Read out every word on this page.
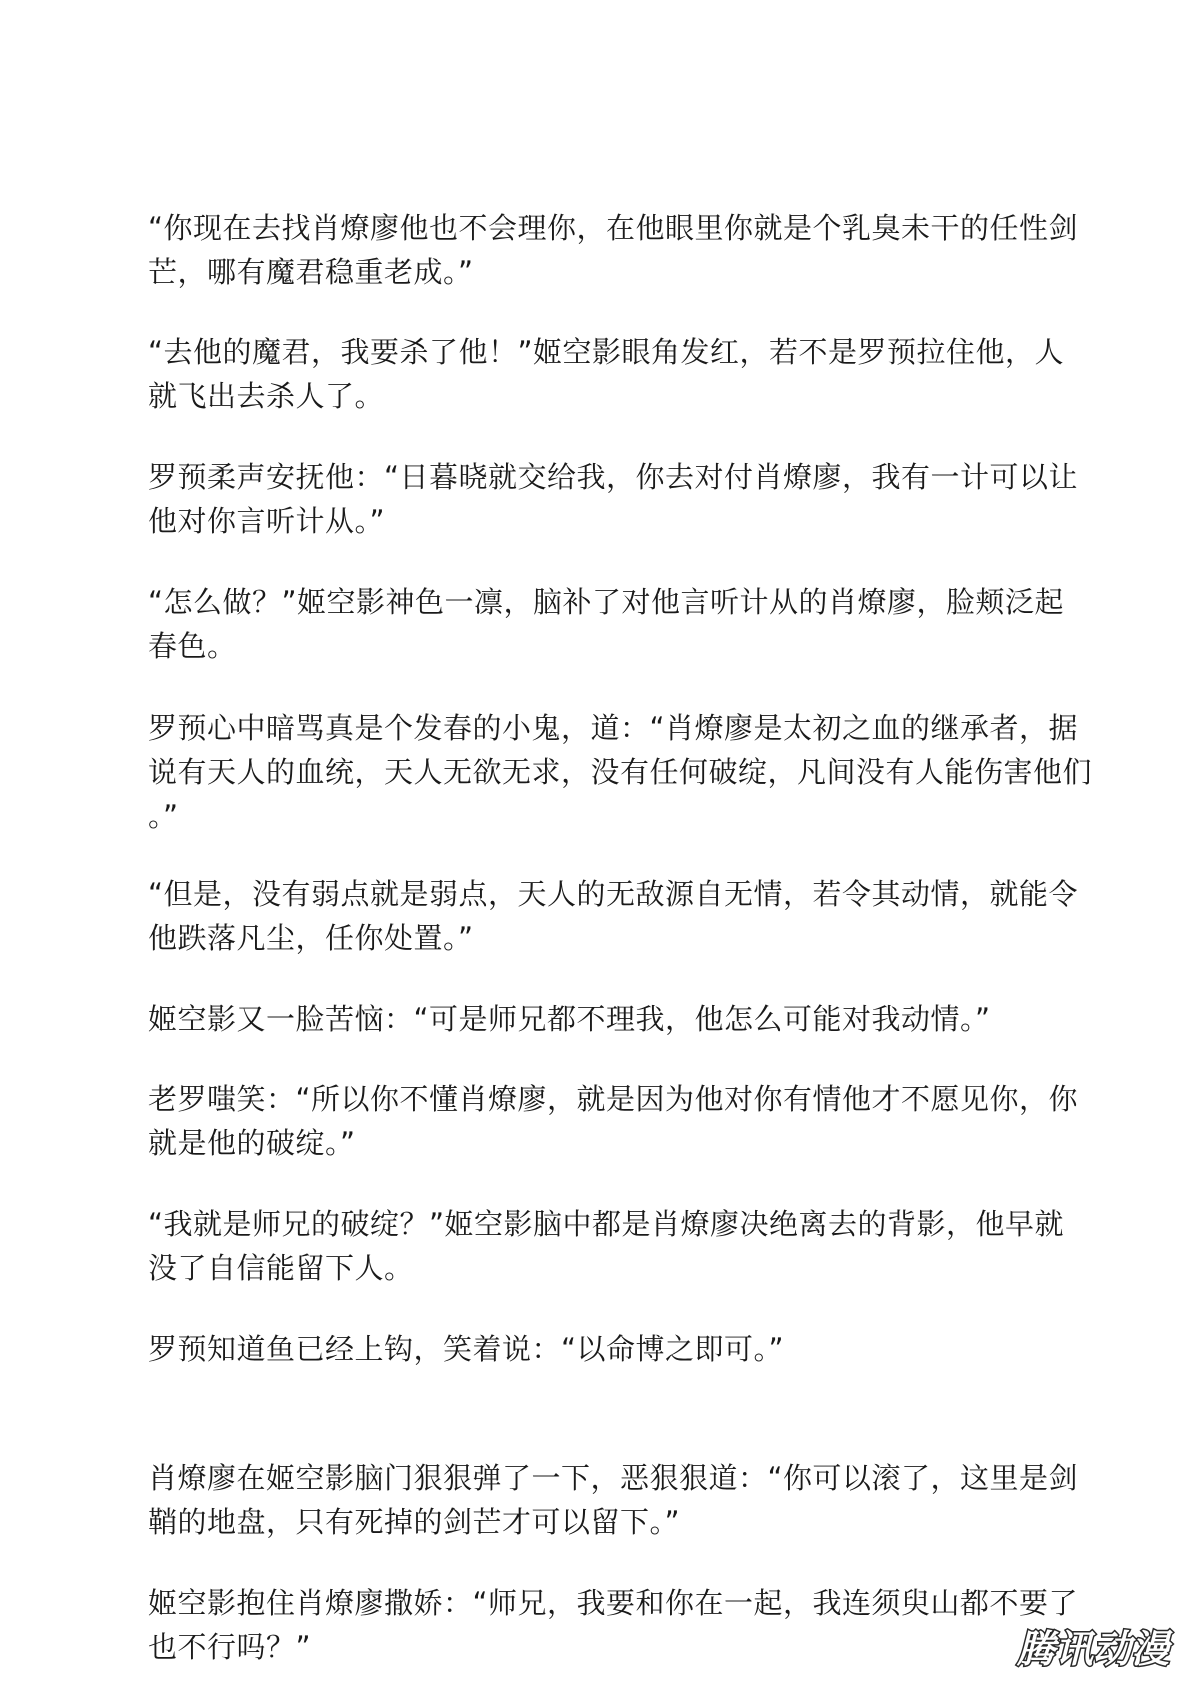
“你现在去找肖燎廖他也不会理你，在他眼里你就是个乳臭未干的任性剑
芒，哪有魔君稳重老成。”

“去他的魔君，我要杀了他！”姬空影眼角发红，若不是罗预拉住他，人
就飞出去杀人了。

罗预柔声安抚他：“日暮晓就交给我，你去对付肖燎廖，我有一计可以让
他对你言听计从。”

“怎么做？”姬空影神色一凛，脑补了对他言听计从的肖燎廖，脸颊泛起
春色。

罗预心中暗骂真是个发春的小鬼，道：“肖燎廖是太初之血的继承者，据
说有天人的血统，天人无欲无求，没有任何破绽，凡间没有人能伤害他们
。”

“但是，没有弱点就是弱点，天人的无敌源自无情，若令其动情，就能令
他跌落凡尘，任你处置。”

姬空影又一脸苦恼：“可是师兄都不理我，他怎么可能对我动情。”

老罗嗤笑：“所以你不懂肖燎廖，就是因为他对你有情他才不愿见你，你
就是他的破绽。”

“我就是师兄的破绽？”姬空影脑中都是肖燎廖决绝离去的背影，他早就
没了自信能留下人。

罗预知道鱼已经上钩，笑着说：“以命博之即可。”

肖燎廖在姬空影脑门狠狠弹了一下，恶狠狠道：“你可以滚了，这里是剑
鞘的地盘，只有死掉的剑芒才可以留下。”

姬空影抱住肖燎廖撒娇：“师兄，我要和你在一起，我连须臾山都不要了
也不行吗？”	腾讯动漫
